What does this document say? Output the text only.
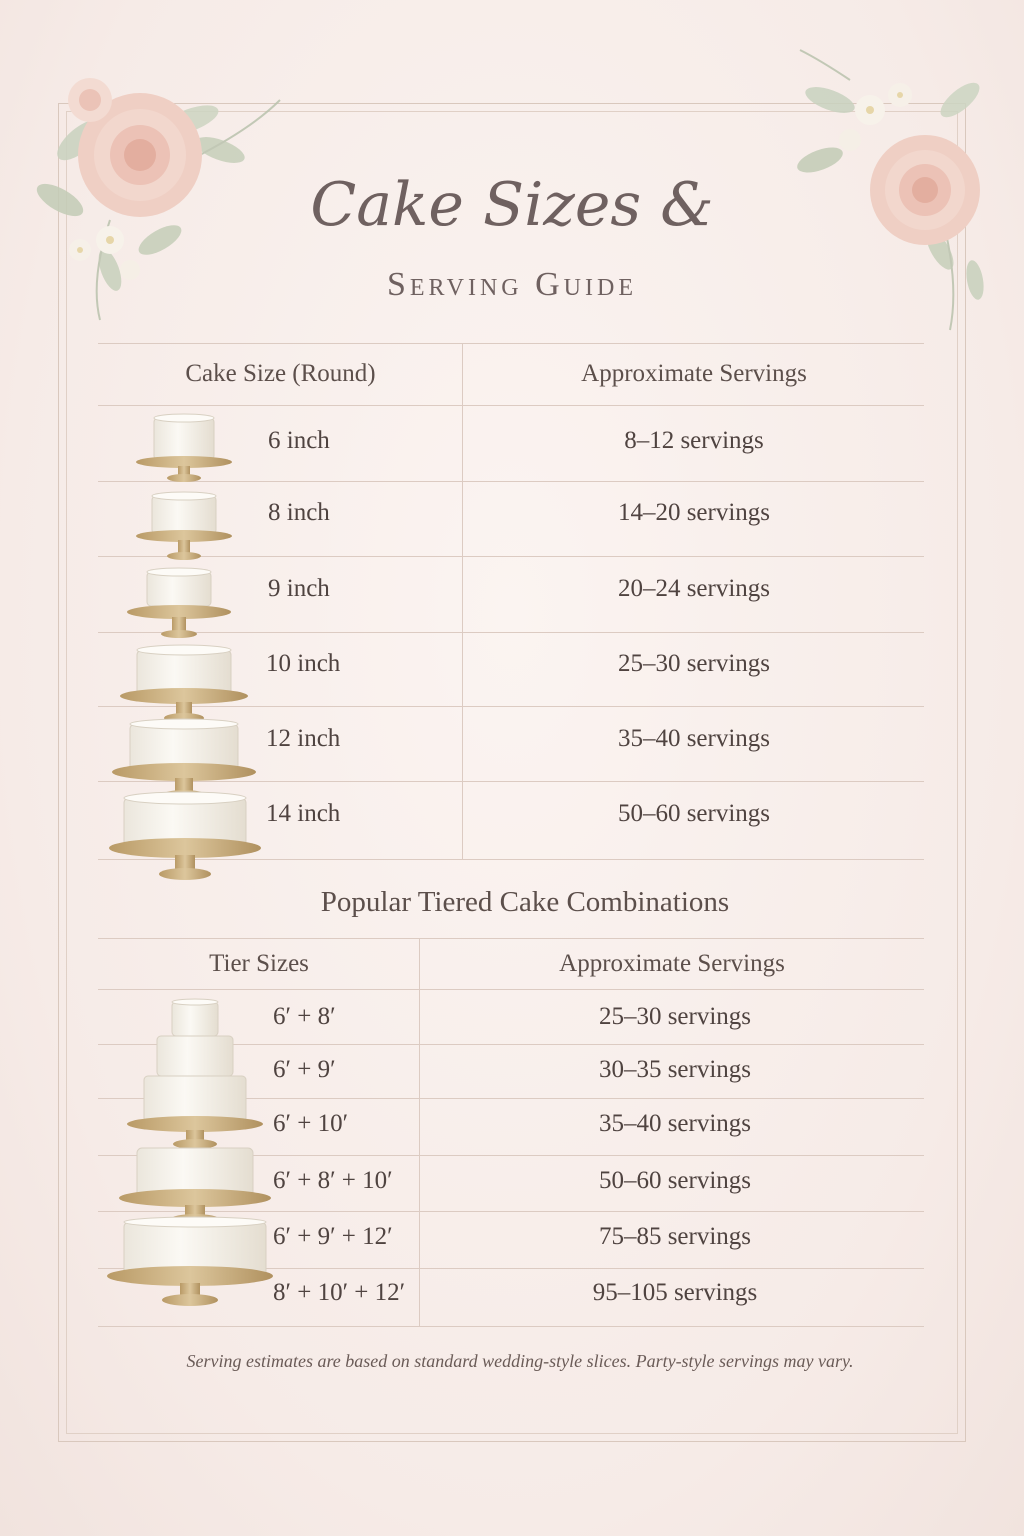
Cake Sizes &
Serving Guide
Cake Size (Round)	Approximate Servings
6 inch	8–12 servings
8 inch	14–20 servings
9 inch	20–24 servings
10 inch	25–30 servings
12 inch	35–40 servings
14 inch	50–60 servings
Popular Tiered Cake Combinations
Tier Sizes	Approximate Servings
6′ + 8′	25–30 servings
6′ + 9′	30–35 servings
6′ + 10′	35–40 servings
6′ + 8′ + 10′	50–60 servings
6′ + 9′ + 12′	75–85 servings
8′ + 10′ + 12′	95–105 servings
Serving estimates are based on standard wedding-style slices. Party-style servings may vary.
